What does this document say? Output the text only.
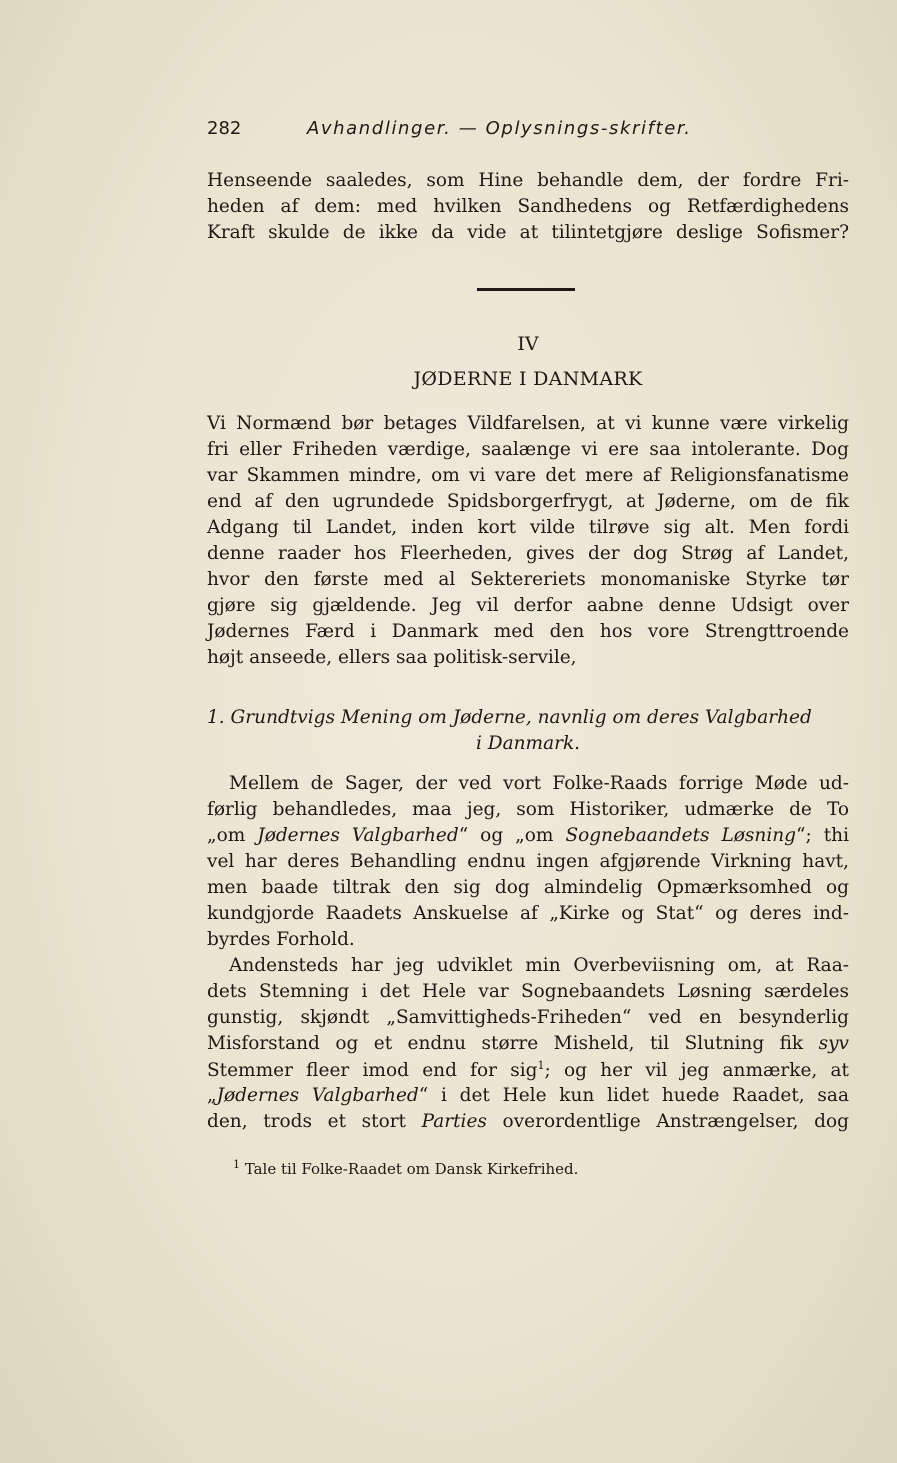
282	Avhandlinger. — Oplysnings-skrifter.
Henseende saaledes, som Hine behandle dem, der fordre Fri-
heden af dem: med hvilken Sandhedens og Retfærdighedens
Kraft skulde de ikke da vide at tilintetgjøre deslige Sofismer?
IV
JØDERNE I DANMARK
Vi Normænd bør betages Vildfarelsen, at vi kunne være virkelig
fri eller Friheden værdige, saalænge vi ere saa intolerante. Dog
var Skammen mindre, om vi vare det mere af Religionsfanatisme
end af den ugrundede Spidsborgerfrygt, at Jøderne, om de fik
Adgang til Landet, inden kort vilde tilrøve sig alt. Men fordi
denne raader hos Fleerheden, gives der dog Strøg af Landet,
hvor den første med al Sektereriets monomaniske Styrke tør
gjøre sig gjældende. Jeg vil derfor aabne denne Udsigt over
Jødernes Færd i Danmark med den hos vore Strengttroende
højt anseede, ellers saa politisk-servile,
1. Grundtvigs Mening om Jøderne, navnlig om deres Valgbarhed
i Danmark.
Mellem de Sager, der ved vort Folke-Raads forrige Møde ud-
førlig behandledes, maa jeg, som Historiker, udmærke de To
„om Jødernes Valgbarhed“ og „om Sognebaandets Løsning“; thi
vel har deres Behandling endnu ingen afgjørende Virkning havt,
men baade tiltrak den sig dog almindelig Opmærksomhed og
kundgjorde Raadets Anskuelse af „Kirke og Stat“ og deres ind-
byrdes Forhold.
Andensteds har jeg udviklet min Overbeviisning om, at Raa-
dets Stemning i det Hele var Sognebaandets Løsning særdeles
gunstig, skjøndt „Samvittigheds-Friheden“ ved en besynderlig
Misforstand og et endnu større Misheld, til Slutning fik syv
Stemmer fleer imod end for sig$^1$; og her vil jeg anmærke, at
„Jødernes Valgbarhed“ i det Hele kun lidet huede Raadet, saa
den, trods et stort Parties overordentlige Anstrængelser, dog
$^1$ Tale til Folke-Raadet om Dansk Kirkefrihed.
